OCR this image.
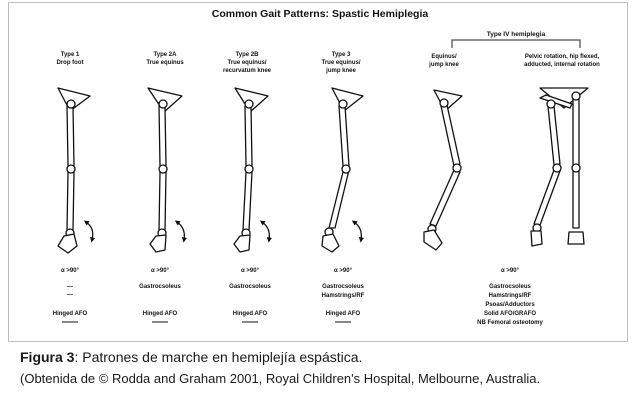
Common Gait Patterns: Spastic Hemiplegia
Type IV hemiplegia
Type 1
Drop foot
Type 2A
True equinus
Type 2B
True equinus/
recurvatum knee
Type 3
True equinus/
jump knee
Equinus/
jump knee
Pelvic rotation, hip flexed,
adducted, internal rotation
α >90°
—
—
Hinged AFO
α >90°
Gastrocsoleus
Hinged AFO
α >90°
Gastrocsoleus
Hinged AFO
α >90°
Gastrocsoleus
Hamstrings/RF
Hinged AFO
α >90°
Gastrocsoleus
Hamstrings/RF
Psoas/Adductors
Solid AFO/GRAFO
NB Femoral osteotomy
Figura 3: Patrones de marche en hemiplejía espástica.
(Obtenida de © Rodda and Graham 2001, Royal Children's Hospital, Melbourne, Australia.
